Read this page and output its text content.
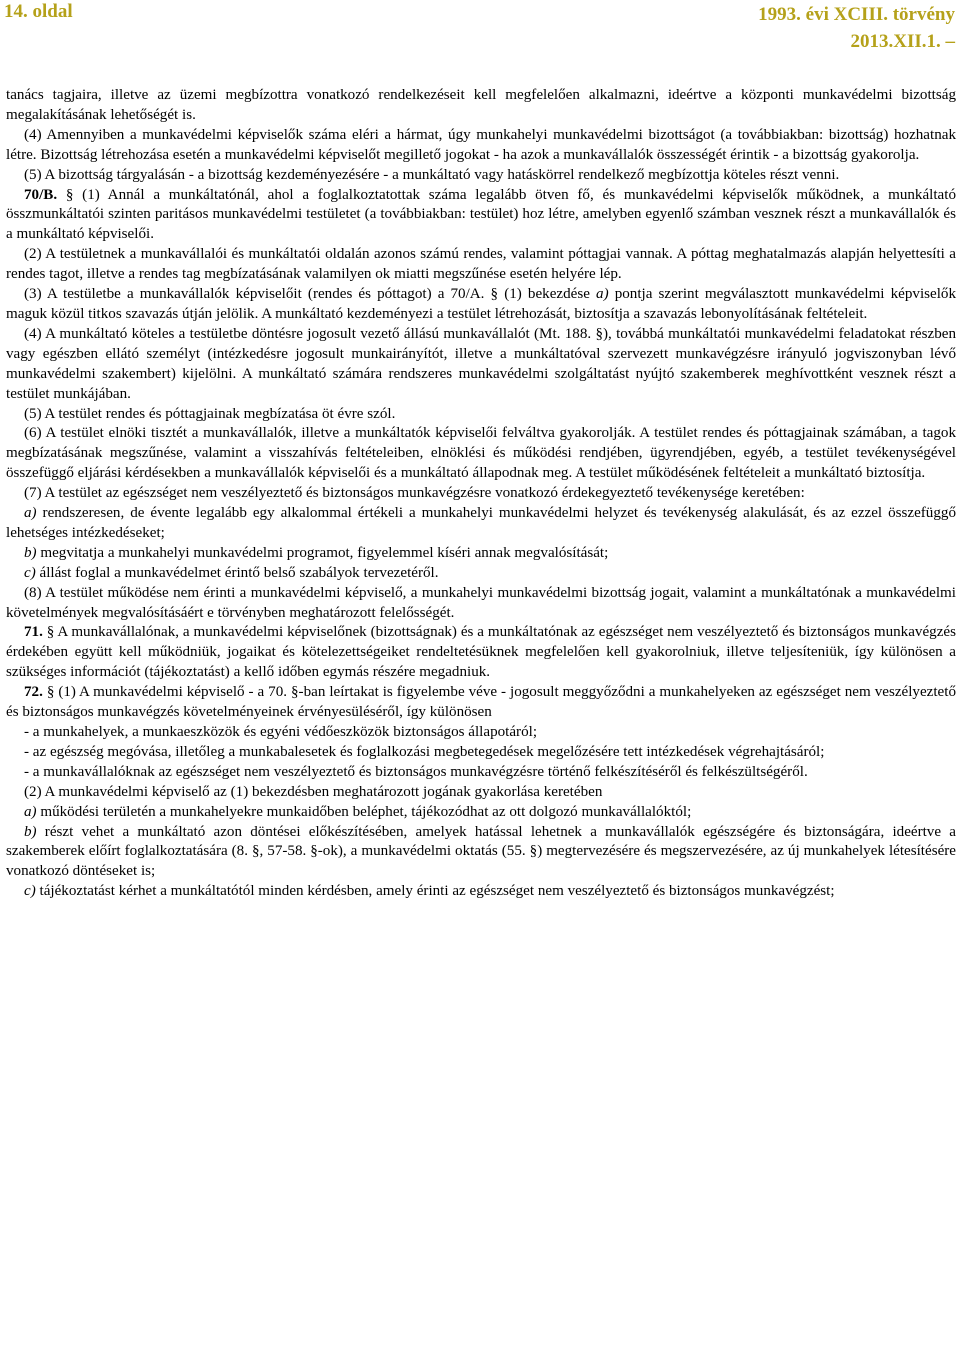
14. oldal	1993. évi XCIII. törvény
2013.XII.1. –

tanács tagjaira, illetve az üzemi megbízottra vonatkozó rendelkezéseit kell megfelelően alkalmazni, ideértve a központi munkavédelmi bizottság megalakításának lehetőségét is.

(4) Amennyiben a munkavédelmi képviselők száma eléri a hármat, úgy munkahelyi munkavédelmi bizottságot (a továbbiakban: bizottság) hozhatnak létre. Bizottság létrehozása esetén a munkavédelmi képviselőt megillető jogokat - ha azok a munkavállalók összességét érintik - a bizottság gyakorolja.

(5) A bizottság tárgyalásán - a bizottság kezdeményezésére - a munkáltató vagy hatáskörrel rendelkező megbízottja köteles részt venni.

70/B. § (1) Annál a munkáltatónál, ahol a foglalkoztatottak száma legalább ötven fő, és munkavédelmi képviselők működnek, a munkáltató összmunkáltatói szinten paritásos munkavédelmi testületet (a továbbiakban: testület) hoz létre, amelyben egyenlő számban vesznek részt a munkavállalók és a munkáltató képviselői.

(2) A testületnek a munkavállalói és munkáltatói oldalán azonos számú rendes, valamint póttagjai vannak. A póttag meghatalmazás alapján helyettesíti a rendes tagot, illetve a rendes tag megbízatásának valamilyen ok miatti megszűnése esetén helyére lép.

(3) A testületbe a munkavállalók képviselőit (rendes és póttagot) a 70/A. § (1) bekezdése a) pontja szerint megválasztott munkavédelmi képviselők maguk közül titkos szavazás útján jelölik. A munkáltató kezdeményezi a testület létrehozását, biztosítja a szavazás lebonyolításának feltételeit.

(4) A munkáltató köteles a testületbe döntésre jogosult vezető állású munkavállalót (Mt. 188. §), továbbá munkáltatói munkavédelmi feladatokat részben vagy egészben ellátó személyt (intézkedésre jogosult munkairányítót, illetve a munkáltatóval szervezett munkavégzésre irányuló jogviszonyban lévő munkavédelmi szakembert) kijelölni. A munkáltató számára rendszeres munkavédelmi szolgáltatást nyújtó szakemberek meghívottként vesznek részt a testület munkájában.

(5) A testület rendes és póttagjainak megbízatása öt évre szól.

(6) A testület elnöki tisztét a munkavállalók, illetve a munkáltatók képviselői felváltva gyakorolják. A testület rendes és póttagjainak számában, a tagok megbízatásának megszűnése, valamint a visszahívás feltételeiben, elnöklési és működési rendjében, ügyrendjében, egyéb, a testület tevékenységével összefüggő eljárási kérdésekben a munkavállalók képviselői és a munkáltató állapodnak meg. A testület működésének feltételeit a munkáltató biztosítja.

(7) A testület az egészséget nem veszélyeztető és biztonságos munkavégzésre vonatkozó érdekegyeztető tevékenysége keretében:

a) rendszeresen, de évente legalább egy alkalommal értékeli a munkahelyi munkavédelmi helyzet és tevékenység alakulását, és az ezzel összefüggő lehetséges intézkedéseket;

b) megvitatja a munkahelyi munkavédelmi programot, figyelemmel kíséri annak megvalósítását;

c) állást foglal a munkavédelmet érintő belső szabályok tervezetéről.

(8) A testület működése nem érinti a munkavédelmi képviselő, a munkahelyi munkavédelmi bizottság jogait, valamint a munkáltatónak a munkavédelmi követelmények megvalósításáért e törvényben meghatározott felelősségét.

71. § A munkavállalónak, a munkavédelmi képviselőnek (bizottságnak) és a munkáltatónak az egészséget nem veszélyeztető és biztonságos munkavégzés érdekében együtt kell működniük, jogaikat és kötelezettségeiket rendeltetésüknek megfelelően kell gyakorolniuk, illetve teljesíteniük, így különösen a szükséges információt (tájékoztatást) a kellő időben egymás részére megadniuk.

72. § (1) A munkavédelmi képviselő - a 70. §-ban leírtakat is figyelembe véve - jogosult meggyőződni a munkahelyeken az egészséget nem veszélyeztető és biztonságos munkavégzés követelményeinek érvényesüléséről, így különösen

- a munkahelyek, a munkaeszközök és egyéni védőeszközök biztonságos állapotáról;

- az egészség megóvása, illetőleg a munkabalesetek és foglalkozási megbetegedések megelőzésére tett intézkedések végrehajtásáról;

- a munkavállalóknak az egészséget nem veszélyeztető és biztonságos munkavégzésre történő felkészítéséről és felkészültségéről.

(2) A munkavédelmi képviselő az (1) bekezdésben meghatározott jogának gyakorlása keretében

a) működési területén a munkahelyekre munkaidőben beléphet, tájékozódhat az ott dolgozó munkavállalóktól;

b) részt vehet a munkáltató azon döntései előkészítésében, amelyek hatással lehetnek a munkavállalók egészségére és biztonságára, ideértve a szakemberek előírt foglalkoztatására (8. §, 57-58. §-ok), a munkavédelmi oktatás (55. §) megtervezésére és megszervezésére, az új munkahelyek létesítésére vonatkozó döntéseket is;

c) tájékoztatást kérhet a munkáltatótól minden kérdésben, amely érinti az egészséget nem veszélyeztető és biztonságos munkavégzést;
